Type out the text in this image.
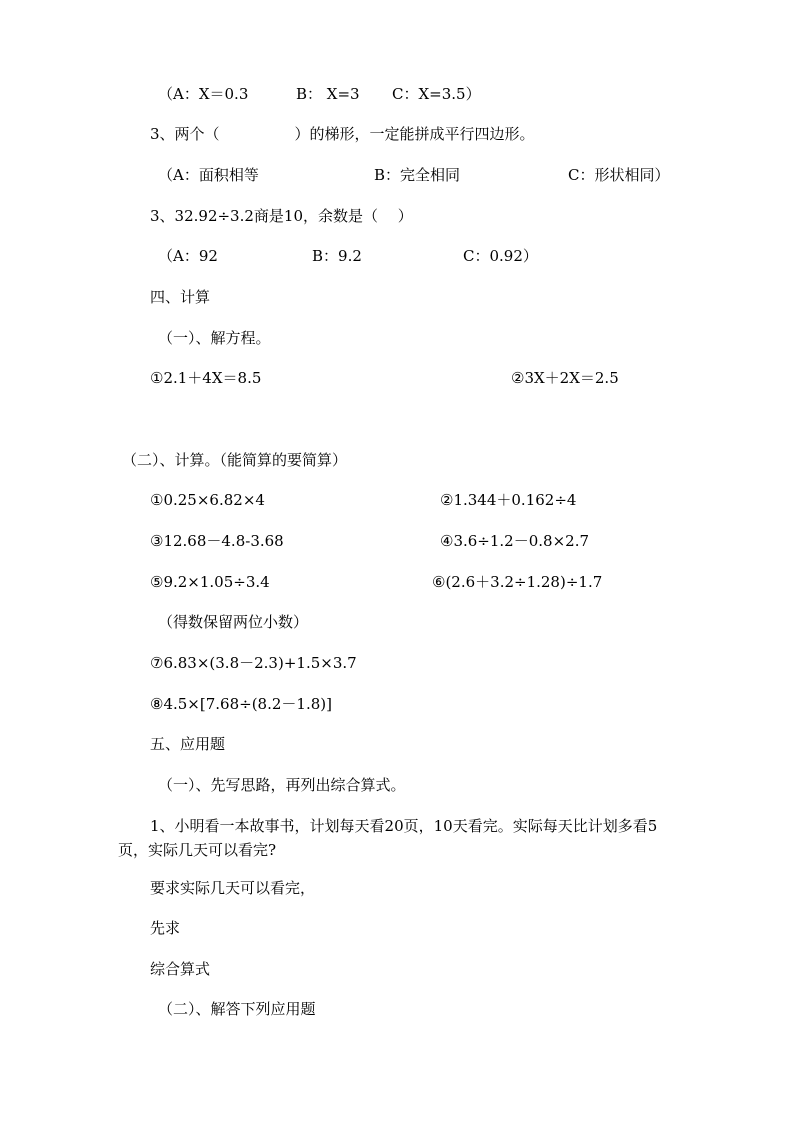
（A：X＝0.3	B： X=3 C：X=3.5）
3、两个（　　　　　）的梯形，一定能拼成平行四边形。
（A：面积相等	B：完全相同	C：形状相同）
3、32.92÷3.2商是10，余数是（　 ）
（A：92	B：9.2	C：0.92）
四、计算
（一）、解方程。
①2.1＋4X＝8.5	②3X＋2X＝2.5
（二）、计算。（能简算的要简算）
①0.25×6.82×4	②1.344＋0.162÷4
③12.68－4.8-3.68	④3.6÷1.2－0.8×2.7
⑤9.2×1.05÷3.4	⑥(2.6＋3.2÷1.28)÷1.7
（得数保留两位小数）
⑦6.83×(3.8－2.3)+1.5×3.7
⑧4.5×[7.68÷(8.2－1.8)]
五、应用题
（一）、先写思路，再列出综合算式。
1、小明看一本故事书，计划每天看20页，10天看完。实际每天比计划多看5页，实际几天可以看完?
要求实际几天可以看完，
先求
综合算式
（二）、解答下列应用题
